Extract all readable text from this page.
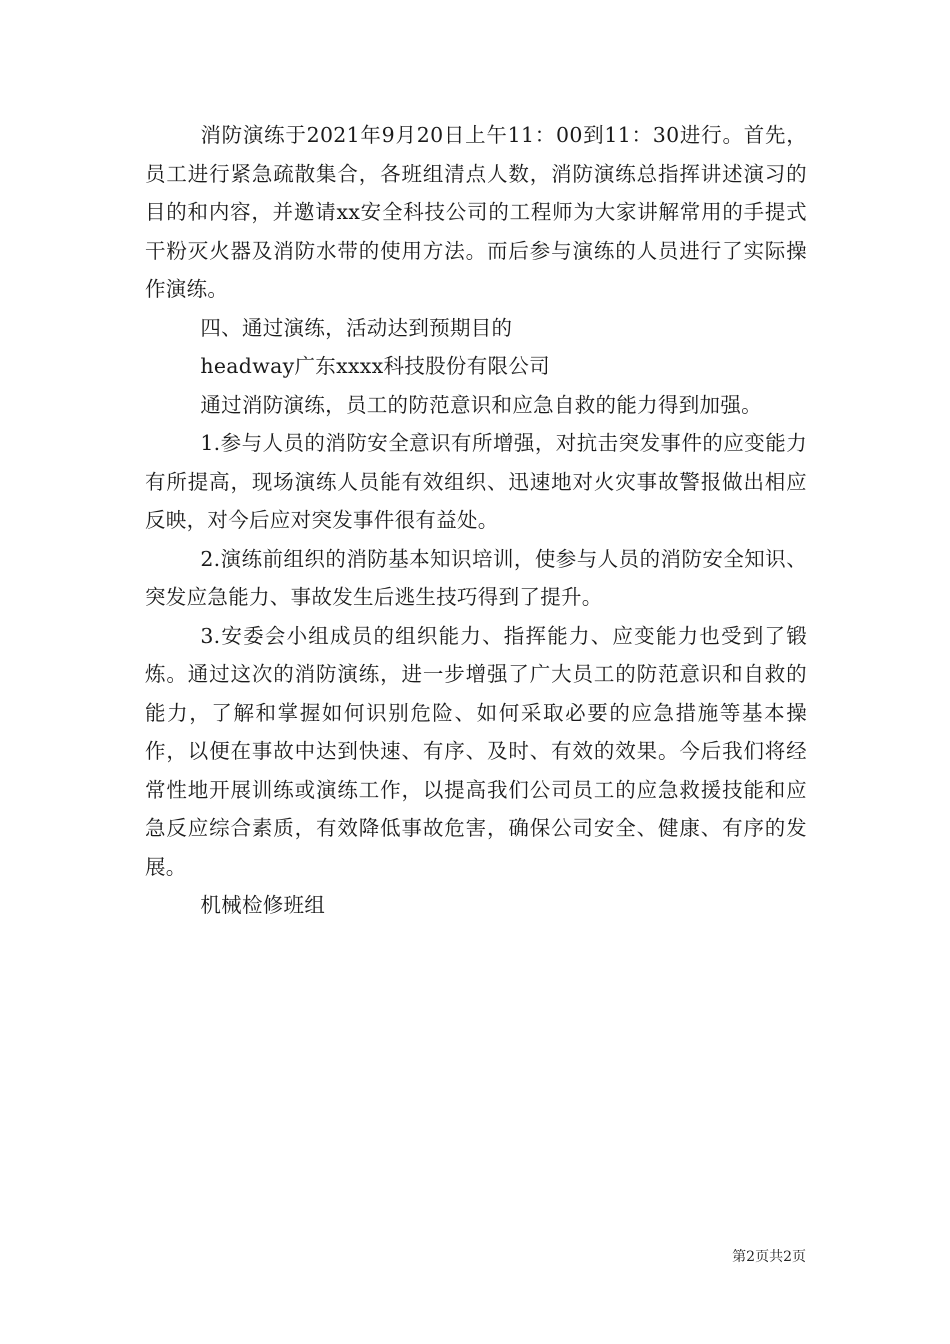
消防演练于2021年9月20日上午11：00到11：30进行。首先，员工进行紧急疏散集合，各班组清点人数，消防演练总指挥讲述演习的目的和内容，并邀请xx安全科技公司的工程师为大家讲解常用的手提式干粉灭火器及消防水带的使用方法。而后参与演练的人员进行了实际操作演练。

四、通过演练，活动达到预期目的

headway广东xxxx科技股份有限公司

通过消防演练，员工的防范意识和应急自救的能力得到加强。

1.参与人员的消防安全意识有所增强，对抗击突发事件的应变能力有所提高，现场演练人员能有效组织、迅速地对火灾事故警报做出相应反映，对今后应对突发事件很有益处。

2.演练前组织的消防基本知识培训，使参与人员的消防安全知识、突发应急能力、事故发生后逃生技巧得到了提升。

3.安委会小组成员的组织能力、指挥能力、应变能力也受到了锻炼。通过这次的消防演练，进一步增强了广大员工的防范意识和自救的能力，了解和掌握如何识别危险、如何采取必要的应急措施等基本操作，以便在事故中达到快速、有序、及时、有效的效果。今后我们将经常性地开展训练或演练工作，以提高我们公司员工的应急救援技能和应急反应综合素质，有效降低事故危害，确保公司安全、健康、有序的发展。

机械检修班组

第2页共2页
